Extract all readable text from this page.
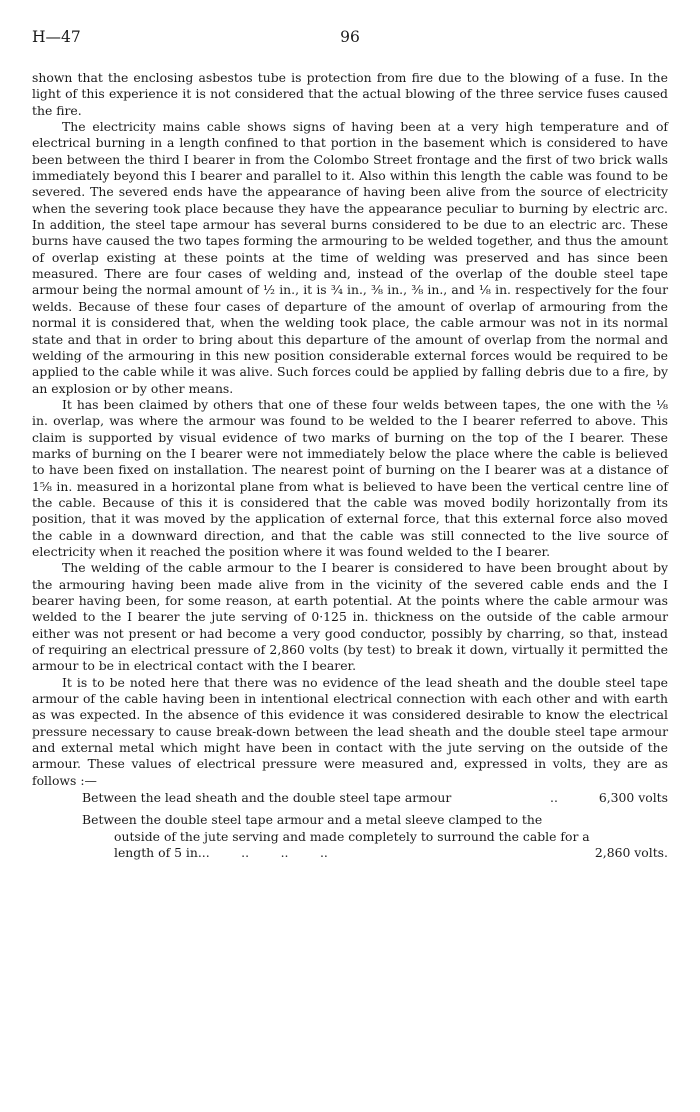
H—47	96

shown that the enclosing asbestos tube is protection from fire due to the blowing of a fuse. In the light of this experience it is not considered that the actual blowing of the three service fuses caused the fire.

The electricity mains cable shows signs of having been at a very high temperature and of electrical burning in a length confined to that portion in the basement which is considered to have been between the third I bearer in from the Colombo Street frontage and the first of two brick walls immediately beyond this I bearer and parallel to it. Also within this length the cable was found to be severed. The severed ends have the appearance of having been alive from the source of electricity when the severing took place because they have the appearance peculiar to burning by electric arc. In addition, the steel tape armour has several burns considered to be due to an electric arc. These burns have caused the two tapes forming the armouring to be welded together, and thus the amount of overlap existing at these points at the time of welding was preserved and has since been measured. There are four cases of welding and, instead of the overlap of the double steel tape armour being the normal amount of ½ in., it is ¾ in., ⅜ in., ⅜ in., and ⅛ in. respectively for the four welds. Because of these four cases of departure of the amount of overlap of armouring from the normal it is considered that, when the welding took place, the cable armour was not in its normal state and that in order to bring about this departure of the amount of overlap from the normal and welding of the armouring in this new position considerable external forces would be required to be applied to the cable while it was alive. Such forces could be applied by falling debris due to a fire, by an explosion or by other means.

It has been claimed by others that one of these four welds between tapes, the one with the ⅛ in. overlap, was where the armour was found to be welded to the I bearer referred to above. This claim is supported by visual evidence of two marks of burning on the top of the I bearer. These marks of burning on the I bearer were not immediately below the place where the cable is believed to have been fixed on installation. The nearest point of burning on the I bearer was at a distance of 1⅝ in. measured in a horizontal plane from what is believed to have been the vertical centre line of the cable. Because of this it is considered that the cable was moved bodily horizontally from its position, that it was moved by the application of external force, that this external force also moved the cable in a downward direction, and that the cable was still connected to the live source of electricity when it reached the position where it was found welded to the I bearer.

The welding of the cable armour to the I bearer is considered to have been brought about by the armouring having been made alive from in the vicinity of the severed cable ends and the I bearer having been, for some reason, at earth potential. At the points where the cable armour was welded to the I bearer the jute serving of 0·125 in. thickness on the outside of the cable armour either was not present or had become a very good conductor, possibly by charring, so that, instead of requiring an electrical pressure of 2,860 volts (by test) to break it down, virtually it permitted the armour to be in electrical contact with the I bearer.

It is to be noted here that there was no evidence of the lead sheath and the double steel tape armour of the cable having been in intentional electrical connection with each other and with earth as was expected. In the absence of this evidence it was considered desirable to know the electrical pressure necessary to cause break-down between the lead sheath and the double steel tape armour and external metal which might have been in contact with the jute serving on the outside of the armour. These values of electrical pressure were measured and, expressed in volts, they are as follows :—

Between the lead sheath and the double steel tape armour	..	6,300 volts
Between the double steel tape armour and a metal sleeve clamped to the outside of the jute serving and made completely to surround the cable for a length of 5 in...        ..        ..        ..	2,860 volts.
